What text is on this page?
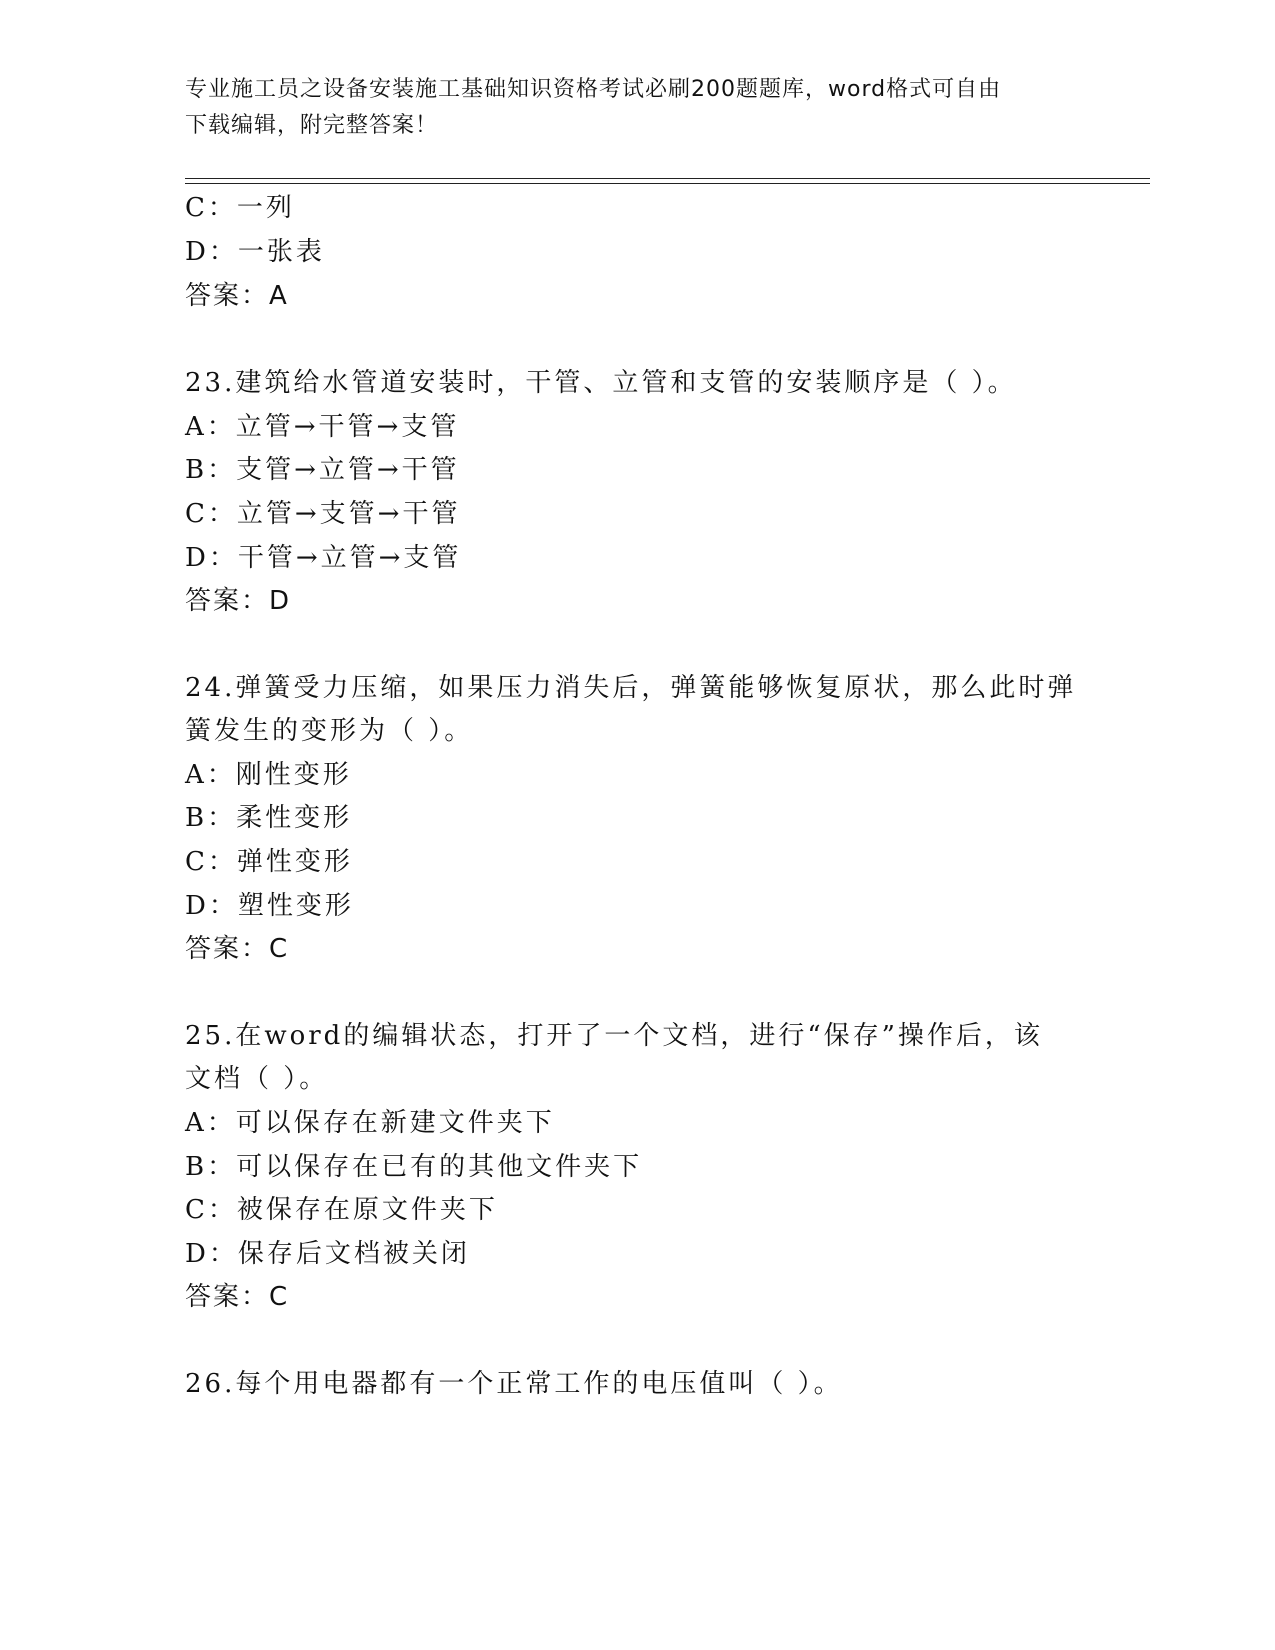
专业施工员之设备安装施工基础知识资格考试必刷200题题库，word格式可自由
下载编辑，附完整答案！
C：一列
D：一张表
答案：A
23.建筑给水管道安装时，干管、立管和支管的安装顺序是（ ）。
A：立管→干管→支管
B：支管→立管→干管
C：立管→支管→干管
D：干管→立管→支管
答案：D
24.弹簧受力压缩，如果压力消失后，弹簧能够恢复原状，那么此时弹
簧发生的变形为（ ）。
A：刚性变形
B：柔性变形
C：弹性变形
D：塑性变形
答案：C
25.在word的编辑状态，打开了一个文档，进行“保存”操作后，该
文档（ ）。
A：可以保存在新建文件夹下
B：可以保存在已有的其他文件夹下
C：被保存在原文件夹下
D：保存后文档被关闭
答案：C
26.每个用电器都有一个正常工作的电压值叫（ ）。
